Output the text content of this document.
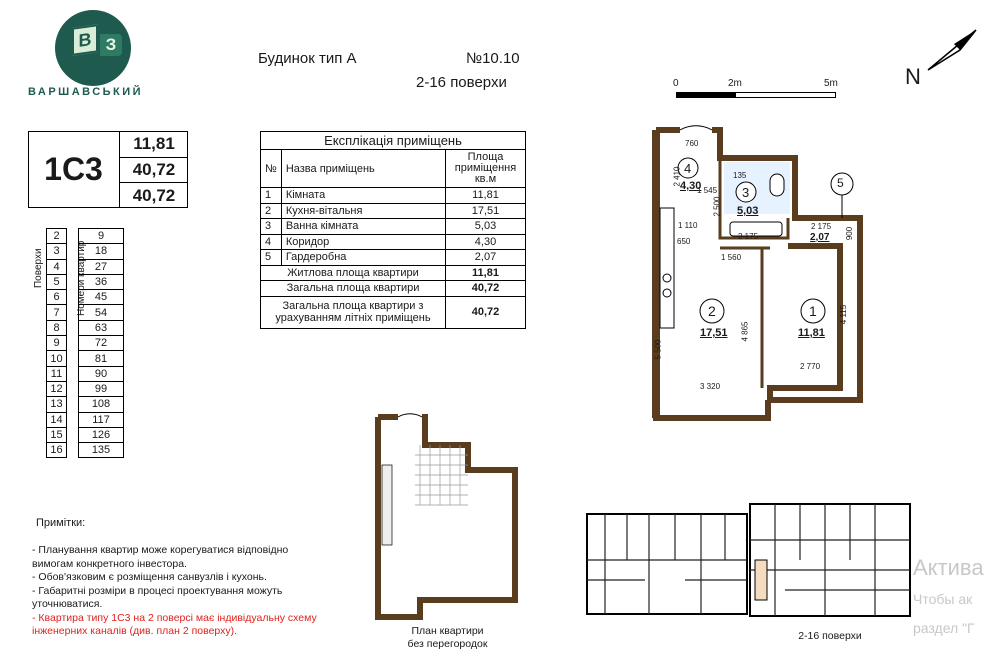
В З
ВАРШАВСЬКИЙ
Будинок тип А	№10.10
2-16 поверхи	0	2m	5m	N
1С3
11,81
40,72
40,72
Експлікація приміщень		
№	Назва приміщень	Площа приміщення кв.м
1	Кімната	11,81
2	Кухня-вітальня	17,51
3	Ванна кімната	5,03
4	Коридор	4,30
5	Гардеробна	2,07
Житлова площа квартири		11,81
Загальна площа квартири		40,72
Загальна площа квартири з урахуванням літніх приміщень		40,72
Поверхи	Номери квартир
2		9
3		18
4		27
5		36
6		45
7		54
8		63
9		72
10		81
11		90
12		99
13		108
14		117
15		126
16		135
Примітки:
- Планування квартир може корегуватися відповідно вимогам конкретного інвестора.
- Обов'язковим є розміщення санвузлів і кухонь.
- Габаритні розміри в процесі проектування можуть уточнюватися.
- Квартира типу 1С3 на 2 поверсі має індивідуальну схему інженерних каналів (див. план 2 поверху).
4
4,30	3
5,03
2
17,51
1
11,81
5
2,07
760
1 545
135
1 110
650
2 175
2 175
1 560
3 320
2 770
5 500
4 865
4 115
2 410
2 500
900
План квартири
без перегородок
2-16 поверхи
Актива
Чтобы ак
раздел "Г
